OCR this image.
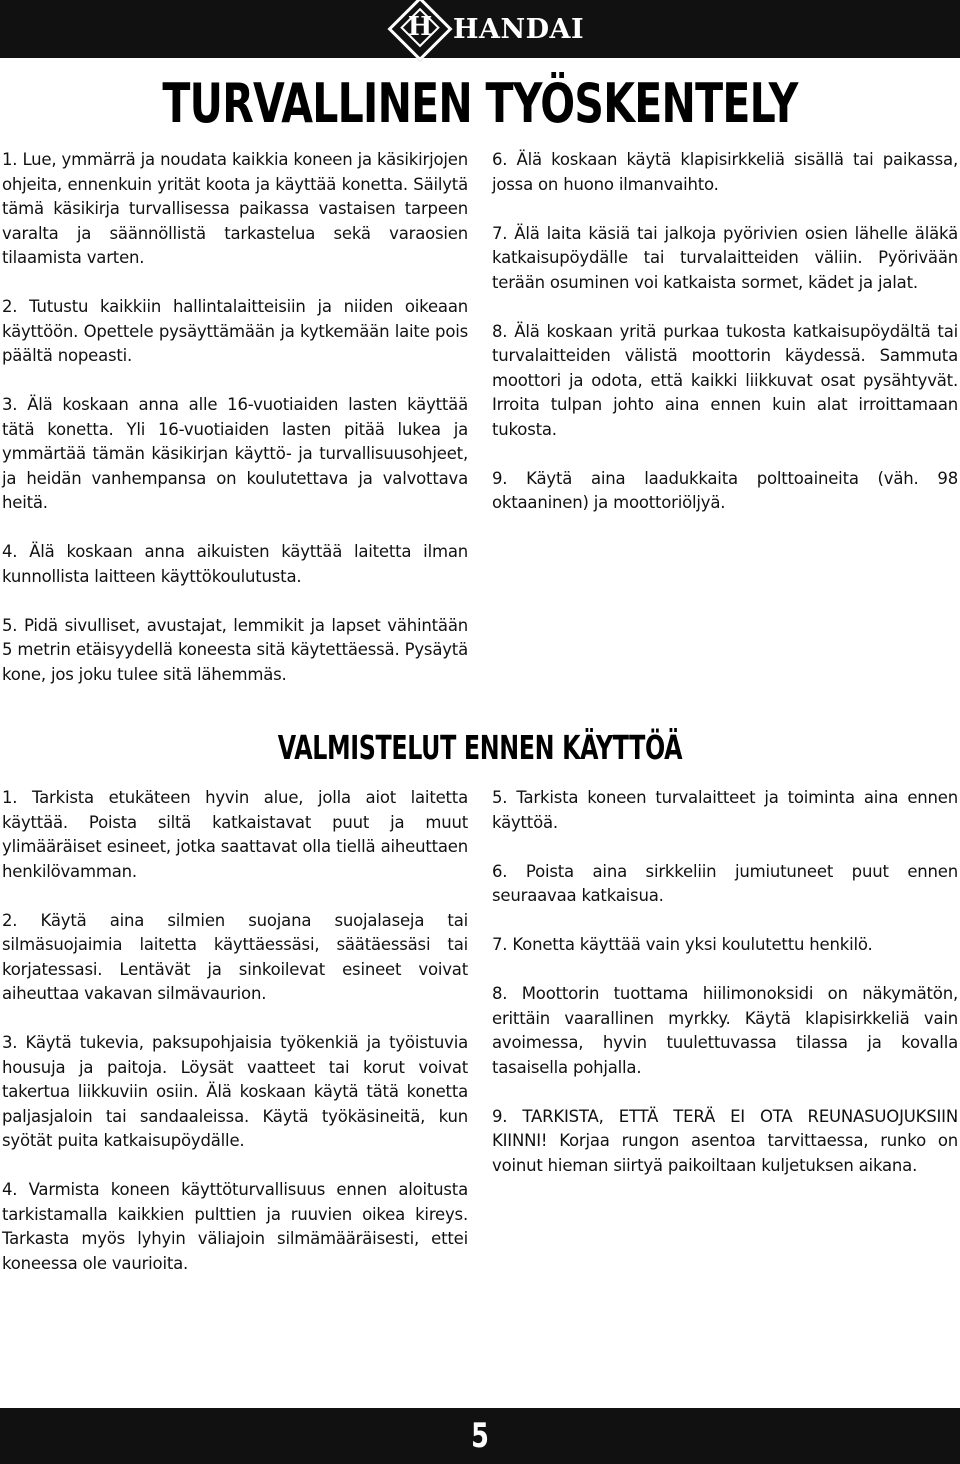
H HANDAI
TURVALLINEN TYÖSKENTELY

1. Lue, ymmärrä ja noudata kaikkia koneen ja käsikirjojen ohjeita, ennenkuin yrität koota ja käyttää konetta. Säilytä tämä käsikirja turvallisessa paikassa vastaisen tarpeen varalta ja säännöllistä tarkastelua sekä varaosien tilaamista varten.

2. Tutustu kaikkiin hallintalaitteisiin ja niiden oikeaan käyttöön. Opettele pysäyttämään ja kytkemään laite pois päältä nopeasti.

3. Älä koskaan anna alle 16-vuotiaiden lasten käyttää tätä konetta. Yli 16-vuotiaiden lasten pitää lukea ja ymmärtää tämän käsikirjan käyttö- ja turvallisuusohjeet, ja heidän vanhempansa on koulutettava ja valvottava heitä.

4. Älä koskaan anna aikuisten käyttää laitetta ilman kunnollista laitteen käyttökoulutusta.

5. Pidä sivulliset, avustajat, lemmikit ja lapset vähintään 5 metrin etäisyydellä koneesta sitä käytettäessä. Pysäytä kone, jos joku tulee sitä lähemmäs.

6. Älä koskaan käytä klapisirkkeliä sisällä tai paikassa, jossa on huono ilmanvaihto.

7. Älä laita käsiä tai jalkoja pyörivien osien lähelle äläkä katkaisupöydälle tai turvalaitteiden väliin. Pyörivään terään osuminen voi katkaista sormet, kädet ja jalat.

8. Älä koskaan yritä purkaa tukosta katkaisupöydältä tai turvalaitteiden välistä moottorin käydessä. Sammuta moottori ja odota, että kaikki liikkuvat osat pysähtyvät. Irroita tulpan johto aina ennen kuin alat irroittamaan tukosta.

9. Käytä aina laadukkaita polttoaineita (väh. 98 oktaaninen) ja moottoriöljyä.

VALMISTELUT ENNEN KÄYTTÖÄ

1. Tarkista etukäteen hyvin alue, jolla aiot laitetta käyttää. Poista siltä katkaistavat puut ja muut ylimääräiset esineet, jotka saattavat olla tiellä aiheuttaen henkilövamman.

2. Käytä aina silmien suojana suojalaseja tai silmäsuojaimia laitetta käyttäessäsi, säätäessäsi tai korjatessasi. Lentävät ja sinkoilevat esineet voivat aiheuttaa vakavan silmävaurion.

3. Käytä tukevia, paksupohjaisia työkenkiä ja työistuvia housuja ja paitoja. Löysät vaatteet tai korut voivat takertua liikkuviin osiin. Älä koskaan käytä tätä konetta paljasjaloin tai sandaaleissa. Käytä työkäsineitä, kun syötät puita katkaisupöydälle.

4. Varmista koneen käyttöturvallisuus ennen aloitusta tarkistamalla kaikkien pulttien ja ruuvien oikea kireys. Tarkasta myös lyhyin väliajoin silmämääräisesti, ettei koneessa ole vaurioita.

5. Tarkista koneen turvalaitteet ja toiminta aina ennen käyttöä.

6. Poista aina sirkkeliin jumiutuneet puut ennen seuraavaa katkaisua.

7. Konetta käyttää vain yksi koulutettu henkilö.

8. Moottorin tuottama hiilimonoksidi on näkymätön, erittäin vaarallinen myrkky. Käytä klapisirkkeliä vain avoimessa, hyvin tuulettuvassa tilassa ja kovalla tasaisella pohjalla.

9. TARKISTA, ETTÄ TERÄ EI OTA REUNASUOJUKSIIN KIINNI! Korjaa rungon asentoa tarvittaessa, runko on voinut hieman siirtyä paikoiltaan kuljetuksen aikana.

5
